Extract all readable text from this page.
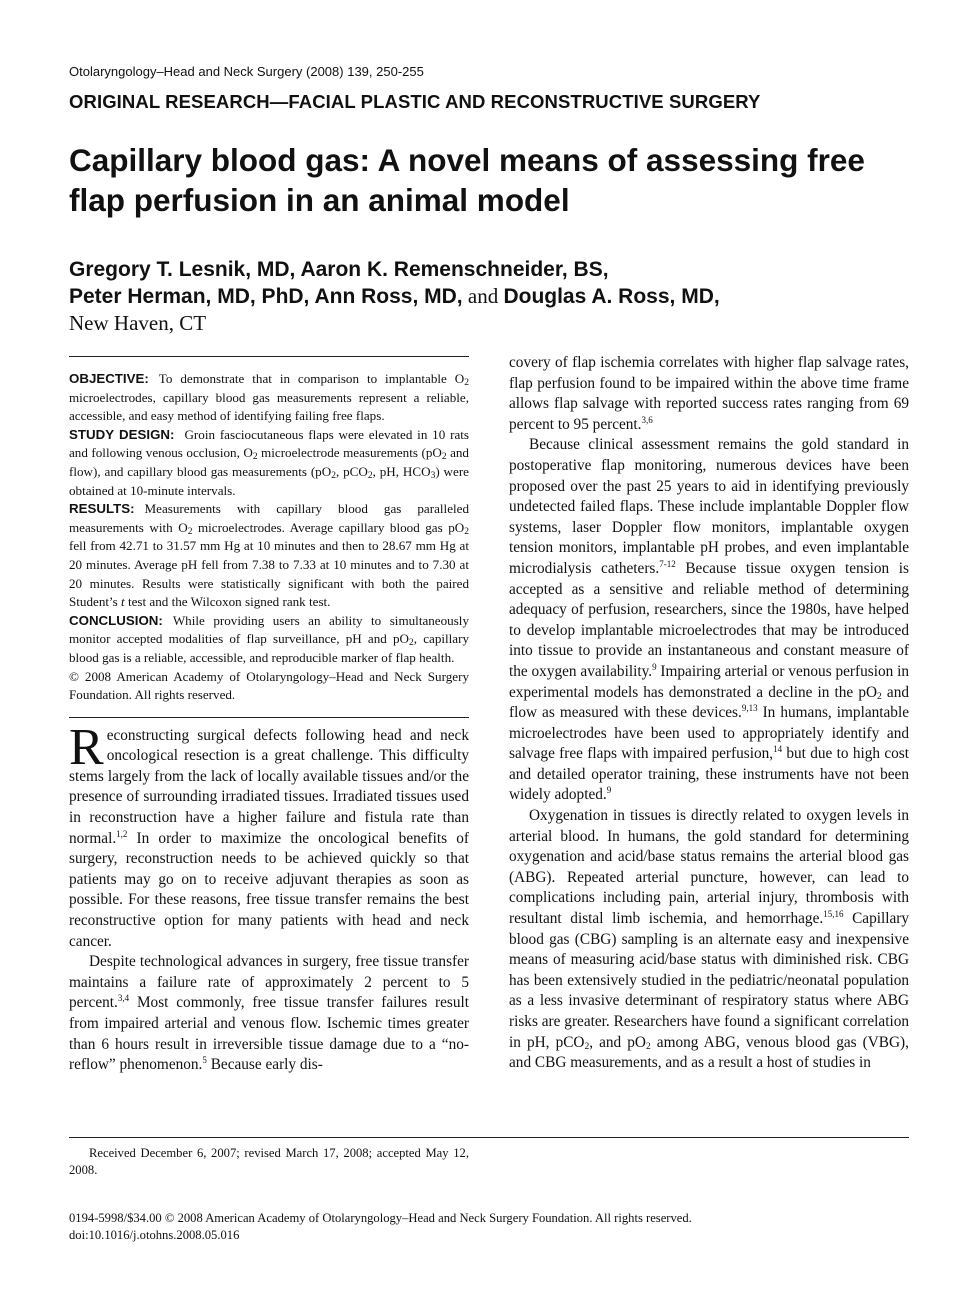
Otolaryngology–Head and Neck Surgery (2008) 139, 250-255
ORIGINAL RESEARCH—FACIAL PLASTIC AND RECONSTRUCTIVE SURGERY
Capillary blood gas: A novel means of assessing free flap perfusion in an animal model
Gregory T. Lesnik, MD, Aaron K. Remenschneider, BS,
Peter Herman, MD, PhD, Ann Ross, MD, and Douglas A. Ross, MD,
New Haven, CT

OBJECTIVE: To demonstrate that in comparison to implantable $O_2$ microelectrodes, capillary blood gas measurements represent a reliable, accessible, and easy method of identifying failing free flaps.

STUDY DESIGN: Groin fasciocutaneous flaps were elevated in 10 rats and following venous occlusion, $O_2$ microelectrode measurements ($pO_2$ and flow), and capillary blood gas measurements ($pO_2$, pCO$_2$, pH, $HCO_3$) were obtained at 10-minute intervals.

RESULTS: Measurements with capillary blood gas paralleled measurements with $O_2$ microelectrodes. Average capillary blood gas $pO_2$ fell from 42.71 to 31.57 mm Hg at 10 minutes and then to 28.67 mm Hg at 20 minutes. Average pH fell from 7.38 to 7.33 at 10 minutes and to 7.30 at 20 minutes. Results were statistically significant with both the paired Student’s t test and the Wilcoxon signed rank test.

CONCLUSION: While providing users an ability to simultaneously monitor accepted modalities of flap surveillance, pH and $pO_2$, capillary blood gas is a reliable, accessible, and reproducible marker of flap health.

© 2008 American Academy of Otolaryngology–Head and Neck Surgery Foundation. All rights reserved.

Reconstructing surgical defects following head and neck oncological resection is a great challenge. This difficulty stems largely from the lack of locally available tissues and/or the presence of surrounding irradiated tissues. Irradiated tissues used in reconstruction have a higher failure and fistula rate than normal.$^{1,2}$ In order to maximize the oncological benefits of surgery, reconstruction needs to be achieved quickly so that patients may go on to receive adjuvant therapies as soon as possible. For these reasons, free tissue transfer remains the best reconstructive option for many patients with head and neck cancer.

Despite technological advances in surgery, free tissue transfer maintains a failure rate of approximately 2 percent to 5 percent.$^{3,4}$ Most commonly, free tissue transfer failures result from impaired arterial and venous flow. Ischemic times greater than 6 hours result in irreversible tissue damage due to a “no-reflow” phenomenon.$^5$ Because early dis-

covery of flap ischemia correlates with higher flap salvage rates, flap perfusion found to be impaired within the above time frame allows flap salvage with reported success rates ranging from 69 percent to 95 percent.$^{3,6}$

Because clinical assessment remains the gold standard in postoperative flap monitoring, numerous devices have been proposed over the past 25 years to aid in identifying previously undetected failed flaps. These include implantable Doppler flow systems, laser Doppler flow monitors, implantable oxygen tension monitors, implantable pH probes, and even implantable microdialysis catheters.$^{7-12}$ Because tissue oxygen tension is accepted as a sensitive and reliable method of determining adequacy of perfusion, researchers, since the 1980s, have helped to develop implantable microelectrodes that may be introduced into tissue to provide an instantaneous and constant measure of the oxygen availability.$^9$ Impairing arterial or venous perfusion in experimental models has demonstrated a decline in the $pO_2$ and flow as measured with these devices.$^{9,13}$ In humans, implantable microelectrodes have been used to appropriately identify and salvage free flaps with impaired perfusion,$^{14}$ but due to high cost and detailed operator training, these instruments have not been widely adopted.$^9$

Oxygenation in tissues is directly related to oxygen levels in arterial blood. In humans, the gold standard for determining oxygenation and acid/base status remains the arterial blood gas (ABG). Repeated arterial puncture, however, can lead to complications including pain, arterial injury, thrombosis with resultant distal limb ischemia, and hemorrhage.$^{15,16}$ Capillary blood gas (CBG) sampling is an alternate easy and inexpensive means of measuring acid/base status with diminished risk. CBG has been extensively studied in the pediatric/neonatal population as a less invasive determinant of respiratory status where ABG risks are greater. Researchers have found a significant correlation in pH, pCO$_2$, and $pO_2$ among ABG, venous blood gas (VBG), and CBG measurements, and as a result a host of studies in

Received December 6, 2007; revised March 17, 2008; accepted May 12, 2008.
0194-5998/$34.00 © 2008 American Academy of Otolaryngology–Head and Neck Surgery Foundation. All rights reserved.
doi:10.1016/j.otohns.2008.05.016
